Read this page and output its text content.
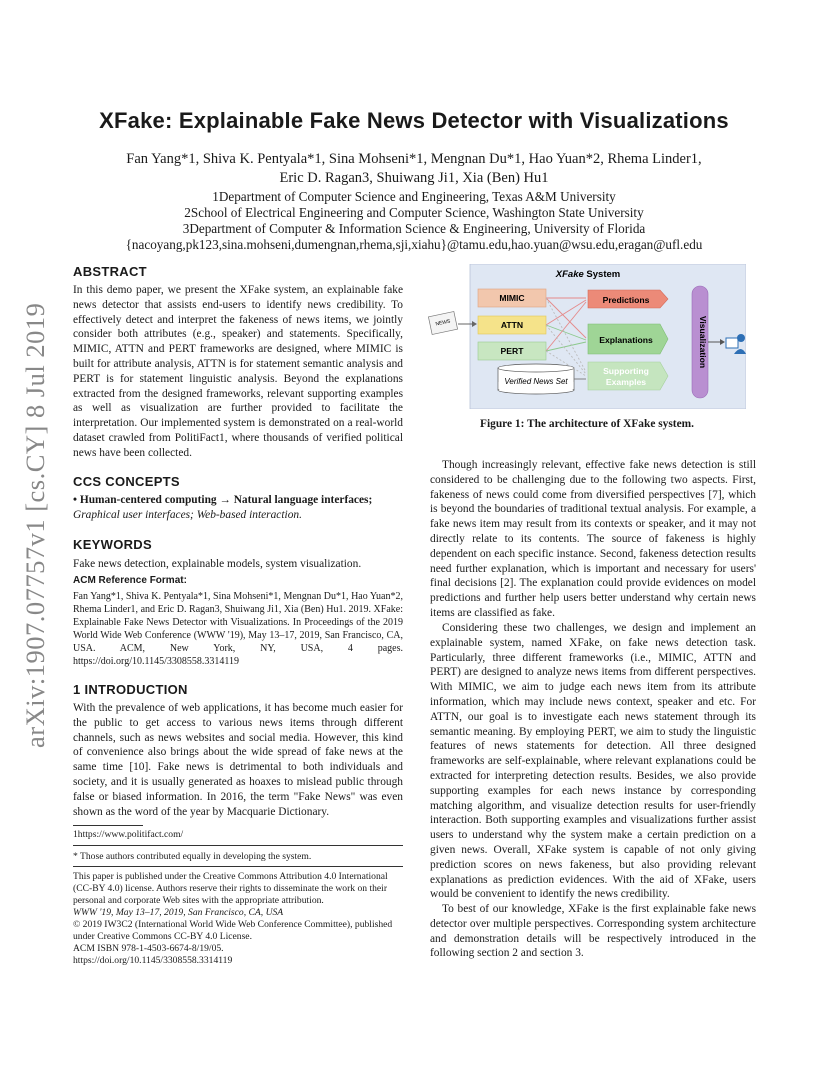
arXiv:1907.07757v1 [cs.CY] 8 Jul 2019
XFake: Explainable Fake News Detector with Visualizations
Fan Yang*1, Shiva K. Pentyala*1, Sina Mohseni*1, Mengnan Du*1, Hao Yuan*2, Rhema Linder1,
Eric D. Ragan3, Shuiwang Ji1, Xia (Ben) Hu1
1Department of Computer Science and Engineering, Texas A&M University
2School of Electrical Engineering and Computer Science, Washington State University
3Department of Computer & Information Science & Engineering, University of Florida
{nacoyang,pk123,sina.mohseni,dumengnan,rhema,sji,xiahu}@tamu.edu,hao.yuan@wsu.edu,eragan@ufl.edu
ABSTRACT
In this demo paper, we present the XFake system, an explainable fake news detector that assists end-users to identify news credibility. To effectively detect and interpret the fakeness of news items, we jointly consider both attributes (e.g., speaker) and statements. Specifically, MIMIC, ATTN and PERT frameworks are designed, where MIMIC is built for attribute analysis, ATTN is for statement semantic analysis and PERT is for statement linguistic analysis. Beyond the explanations extracted from the designed frameworks, relevant supporting examples as well as visualization are further provided to facilitate the interpretation. Our implemented system is demonstrated on a real-world dataset crawled from PolitiFact1, where thousands of verified political news have been collected.
CCS CONCEPTS
• Human-centered computing → Natural language interfaces;
Graphical user interfaces; Web-based interaction.
KEYWORDS
Fake news detection, explainable models, system visualization.
ACM Reference Format:
Fan Yang*1, Shiva K. Pentyala*1, Sina Mohseni*1, Mengnan Du*1, Hao Yuan*2, Rhema Linder1, and Eric D. Ragan3, Shuiwang Ji1, Xia (Ben) Hu1. 2019. XFake: Explainable Fake News Detector with Visualizations. In Proceedings of the 2019 World Wide Web Conference (WWW '19), May 13–17, 2019, San Francisco, CA, USA. ACM, New York, NY, USA, 4 pages. https://doi.org/10.1145/3308558.3314119
1 INTRODUCTION
With the prevalence of web applications, it has become much easier for the public to get access to various news items through different channels, such as news websites and social media. However, this kind of convenience also brings about the wide spread of fake news at the same time [10]. Fake news is detrimental to both individuals and society, and it is usually generated as hoaxes to mislead public through false or biased information. In 2016, the term "Fake News" was even shown as the word of the year by Macquarie Dictionary.
1https://www.politifact.com/
* Those authors contributed equally in developing the system.
This paper is published under the Creative Commons Attribution 4.0 International (CC-BY 4.0) license. Authors reserve their rights to disseminate the work on their personal and corporate Web sites with the appropriate attribution.
WWW '19, May 13–17, 2019, San Francisco, CA, USA
© 2019 IW3C2 (International World Wide Web Conference Committee), published under Creative Commons CC-BY 4.0 License.
ACM ISBN 978-1-4503-6674-8/19/05.
https://doi.org/10.1145/3308558.3314119
XFake System
NEWS
MIMIC
ATTN
PERT
Verified News Set
Predictions
Explanations
Supporting
Examples
Visualization
Figure 1: The architecture of XFake system.

Though increasingly relevant, effective fake news detection is still considered to be challenging due to the following two aspects. First, fakeness of news could come from diversified perspectives [7], which is beyond the boundaries of traditional textual analysis. For example, a fake news item may result from its contexts or speaker, and it may not directly relate to its contents. The source of fakeness is highly dependent on each specific instance. Second, fakeness detection results need further explanation, which is important and necessary for users' final decisions [2]. The explanation could provide evidences on model predictions and further help users better understand why certain news items are classified as fake.

Considering these two challenges, we design and implement an explainable system, named XFake, on fake news detection task. Particularly, three different frameworks (i.e., MIMIC, ATTN and PERT) are designed to analyze news items from different perspectives. With MIMIC, we aim to judge each news item from its attribute information, which may include news context, speaker and etc. For ATTN, our goal is to investigate each news statement through its semantic meaning. By employing PERT, we aim to study the linguistic features of news statements for detection. All three designed frameworks are self-explainable, where relevant explanations could be extracted for interpreting detection results. Besides, we also provide supporting examples for each news instance by corresponding matching algorithm, and visualize detection results for user-friendly interaction. Both supporting examples and visualizations further assist users to understand why the system make a certain prediction on a given news. Overall, XFake system is capable of not only giving prediction scores on news fakeness, but also providing relevant explanations as prediction evidences. With the aid of XFake, users would be convenient to identify the news credibility.

To best of our knowledge, XFake is the first explainable fake news detector over multiple perspectives. Corresponding system architecture and demonstration details will be respectively introduced in the following section 2 and section 3.
